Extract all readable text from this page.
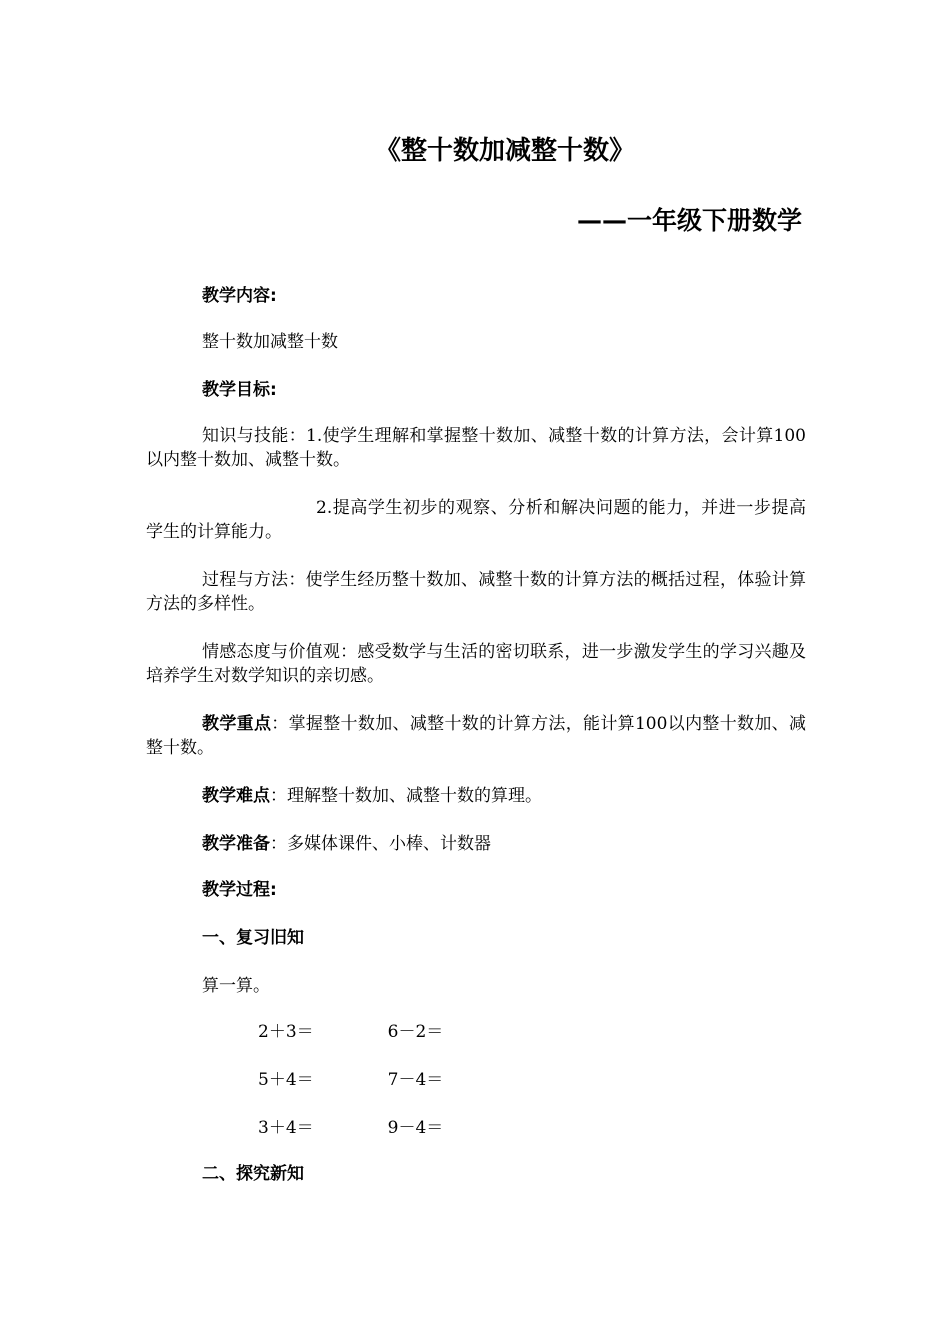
《整十数加减整十数》
——一年级下册数学
教学内容:
整十数加减整十数
教学目标:
知识与技能：1.使学生理解和掌握整十数加、减整十数的计算方法，会计算100以内整十数加、减整十数。
2.提高学生初步的观察、分析和解决问题的能力，并进一步提高学生的计算能力。
过程与方法：使学生经历整十数加、减整十数的计算方法的概括过程，体验计算方法的多样性。
情感态度与价值观：感受数学与生活的密切联系，进一步激发学生的学习兴趣及培养学生对数学知识的亲切感。
教学重点：掌握整十数加、减整十数的计算方法，能计算100以内整十数加、减整十数。
教学难点：理解整十数加、减整十数的算理。
教学准备：多媒体课件、小棒、计数器
教学过程:
一、复习旧知
算一算。
2＋3＝	6－2＝
5＋4＝	7－4＝
3＋4＝	9－4＝
二、探究新知
